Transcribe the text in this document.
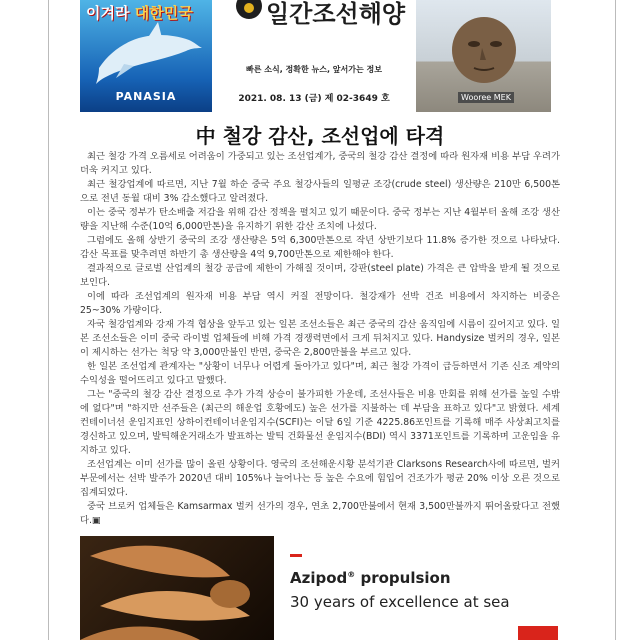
이겨라 대한민국
PANASIA
일간조선해양
빠른 소식, 정확한 뉴스, 앞서가는 정보
2021. 08. 13 (금) 제 02-3649 호	Wooree MEK
中 철강 감산, 조선업에 타격

최근 철강 가격 오름세로 어려움이 가중되고 있는 조선업계가, 중국의 철강 감산 결정에 따라 원자재 비용 부담 우려가 더욱 커지고 있다.

최근 철강업계에 따르면, 지난 7월 하순 중국 주요 철강사들의 일평균 조강(crude steel) 생산량은 210만 6,500톤으로 전년 동월 대비 3% 감소했다고 알려졌다.

이는 중국 정부가 탄소배출 저감을 위해 감산 정책을 펼치고 있기 때문이다. 중국 정부는 지난 4월부터 올해 조강 생산량을 지난해 수준(10억 6,000만톤)을 유지하기 위한 감산 조치에 나섰다.

그럼에도 올해 상반기 중국의 조강 생산량은 5억 6,300만톤으로 작년 상반기보다 11.8% 증가한 것으로 나타났다. 감산 목표를 맞추려면 하반기 총 생산량을 4억 9,700만톤으로 제한해야 한다.

결과적으로 글로벌 산업계의 철강 공급에 제한이 가해질 것이며, 강판(steel plate) 가격은 큰 압박을 받게 될 것으로 보인다.

이에 따라 조선업계의 원자재 비용 부담 역시 커질 전망이다. 철강재가 선박 건조 비용에서 차지하는 비중은 25~30% 가량이다.

자국 철강업계와 강재 가격 협상을 앞두고 있는 일본 조선소들은 최근 중국의 감산 움직임에 시름이 깊어지고 있다. 일본 조선소들은 이미 중국 라이벌 업체들에 비해 가격 경쟁력면에서 크게 뒤처지고 있다. Handysize 벌커의 경우, 일본이 제시하는 선가는 척당 약 3,000만불인 반면, 중국은 2,800만불을 부르고 있다.

한 일본 조선업계 관계자는 "상황이 너무나 어렵게 돌아가고 있다"며, 최근 철강 가격이 급등하면서 기존 신조 계약의 수익성을 떨어뜨리고 있다고 말했다.

그는 "중국의 철강 감산 결정으로 추가 가격 상승이 불가피한 가운데, 조선사들은 비용 만회를 위해 선가를 높일 수밖에 없다"며 "하지만 선주들은 (최근의 해운업 호황에도) 높은 선가를 지불하는 데 부담을 표하고 있다"고 밝혔다. 세계 컨테이너선 운임지표인 상하이컨테이너운임지수(SCFI)는 이달 6일 기준 4225.86포인트를 기록해 매주 사상최고치를 경신하고 있으며, 발틱해운거래소가 발표하는 발틱 건화물선 운임지수(BDI) 역시 3371포인트를 기록하며 고운임을 유지하고 있다.

조선업계는 이미 선가를 많이 올린 상황이다. 영국의 조선해운시황 분석기관 Clarksons Research사에 따르면, 벌커 부문에서는 선박 발주가 2020년 대비 105%나 늘어나는 등 높은 수요에 힘입어 건조가가 평균 20% 이상 오른 것으로 집계되었다.

중국 브로커 업체들은 Kamsarmax 벌커 선가의 경우, 연초 2,700만불에서 현재 3,500만불까지 뛰어올랐다고 전했다.▣

Azipod® propulsion
30 years of excellence at sea
